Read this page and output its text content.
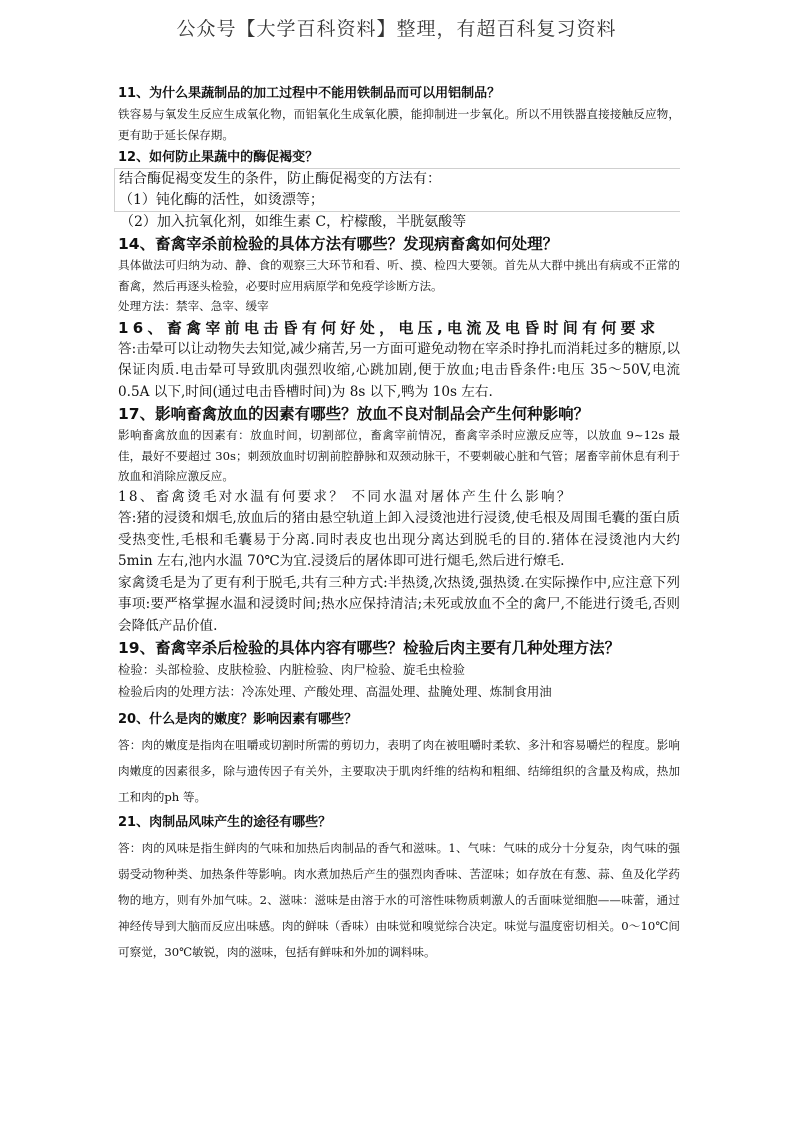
公众号【大学百科资料】整理，有超百科复习资料

11、为什么果蔬制品的加工过程中不能用铁制品而可以用铝制品？

铁容易与氧发生反应生成氧化物，而铝氧化生成氧化膜，能抑制进一步氧化。所以不用铁器直接接触反应物，更有助于延长保存期。

12、如何防止果蔬中的酶促褐变？

结合酶促褐变发生的条件，防止酶促褐变的方法有：
（1）钝化酶的活性，如烫漂等；

（2）加入抗氧化剂，如维生素 C，柠檬酸，半胱氨酸等

14、畜禽宰杀前检验的具体方法有哪些？发现病畜禽如何处理？

具体做法可归纳为动、静、食的观察三大环节和看、听、摸、检四大要领。首先从大群中挑出有病或不正常的畜禽，然后再逐头检验，必要时应用病原学和免疫学诊断方法。

处理方法：禁宰、急宰、缓宰

16、畜禽宰前电击昏有何好处，电压,电流及电昏时间有何要求

答:击晕可以让动物失去知觉,减少痛苦,另一方面可避免动物在宰杀时挣扎而消耗过多的糖原,以保证肉质.电击晕可导致肌肉强烈收缩,心跳加剧,便于放血;电击昏条件:电压 35～50V,电流 0.5A 以下,时间(通过电击昏槽时间)为 8s 以下,鸭为 10s 左右.

17、影响畜禽放血的因素有哪些？放血不良对制品会产生何种影响？

影响畜禽放血的因素有：放血时间，切割部位，畜禽宰前情况，畜禽宰杀时应激反应等，以放血 9~12s 最佳，最好不要超过 30s；刺颈放血时切割前腔静脉和双颈动脉干，不要刺破心脏和气管；屠畜宰前休息有利于放血和消除应激反应。

18、畜禽烫毛对水温有何要求？ 不同水温对屠体产生什么影响？

答:猪的浸烫和烟毛,放血后的猪由悬空轨道上卸入浸烫池进行浸烫,使毛根及周围毛囊的蛋白质受热变性,毛根和毛囊易于分离.同时表皮也出现分离达到脱毛的目的.猪体在浸烫池内大约 5min 左右,池内水温 70℃为宜.浸烫后的屠体即可进行煺毛,然后进行燎毛.

家禽烫毛是为了更有利于脱毛,共有三种方式:半热烫,次热烫,强热烫.在实际操作中,应注意下列事项:要严格掌握水温和浸烫时间;热水应保持清洁;未死或放血不全的禽尸,不能进行烫毛,否则会降低产品价值.

19、畜禽宰杀后检验的具体内容有哪些？检验后肉主要有几种处理方法？

检验：头部检验、皮肤检验、内脏检验、肉尸检验、旋毛虫检验

检验后肉的处理方法：冷冻处理、产酸处理、高温处理、盐腌处理、炼制食用油

20、什么是肉的嫩度？影响因素有哪些？

答：肉的嫩度是指肉在咀嚼或切割时所需的剪切力，表明了肉在被咀嚼时柔软、多汁和容易嚼烂的程度。影响肉嫩度的因素很多，除与遗传因子有关外，主要取决于肌肉纤维的结构和粗细、结缔组织的含量及构成，热加工和肉的ph 等。

21、肉制品风味产生的途径有哪些？

答：肉的风味是指生鲜肉的气味和加热后肉制品的香气和滋味。1、气味：气味的成分十分复杂，肉气味的强弱受动物种类、加热条件等影响。肉水煮加热后产生的强烈肉香味、苦涩味；如存放在有葱、蒜、鱼及化学药物的地方，则有外加气味。2、滋味：滋味是由溶于水的可溶性味物质刺激人的舌面味觉细胞——味蕾，通过神经传导到大脑而反应出味感。肉的鲜味（香味）由味觉和嗅觉综合决定。味觉与温度密切相关。0～10℃间可察觉，30℃敏锐，肉的滋味，包括有鲜味和外加的调料味。
